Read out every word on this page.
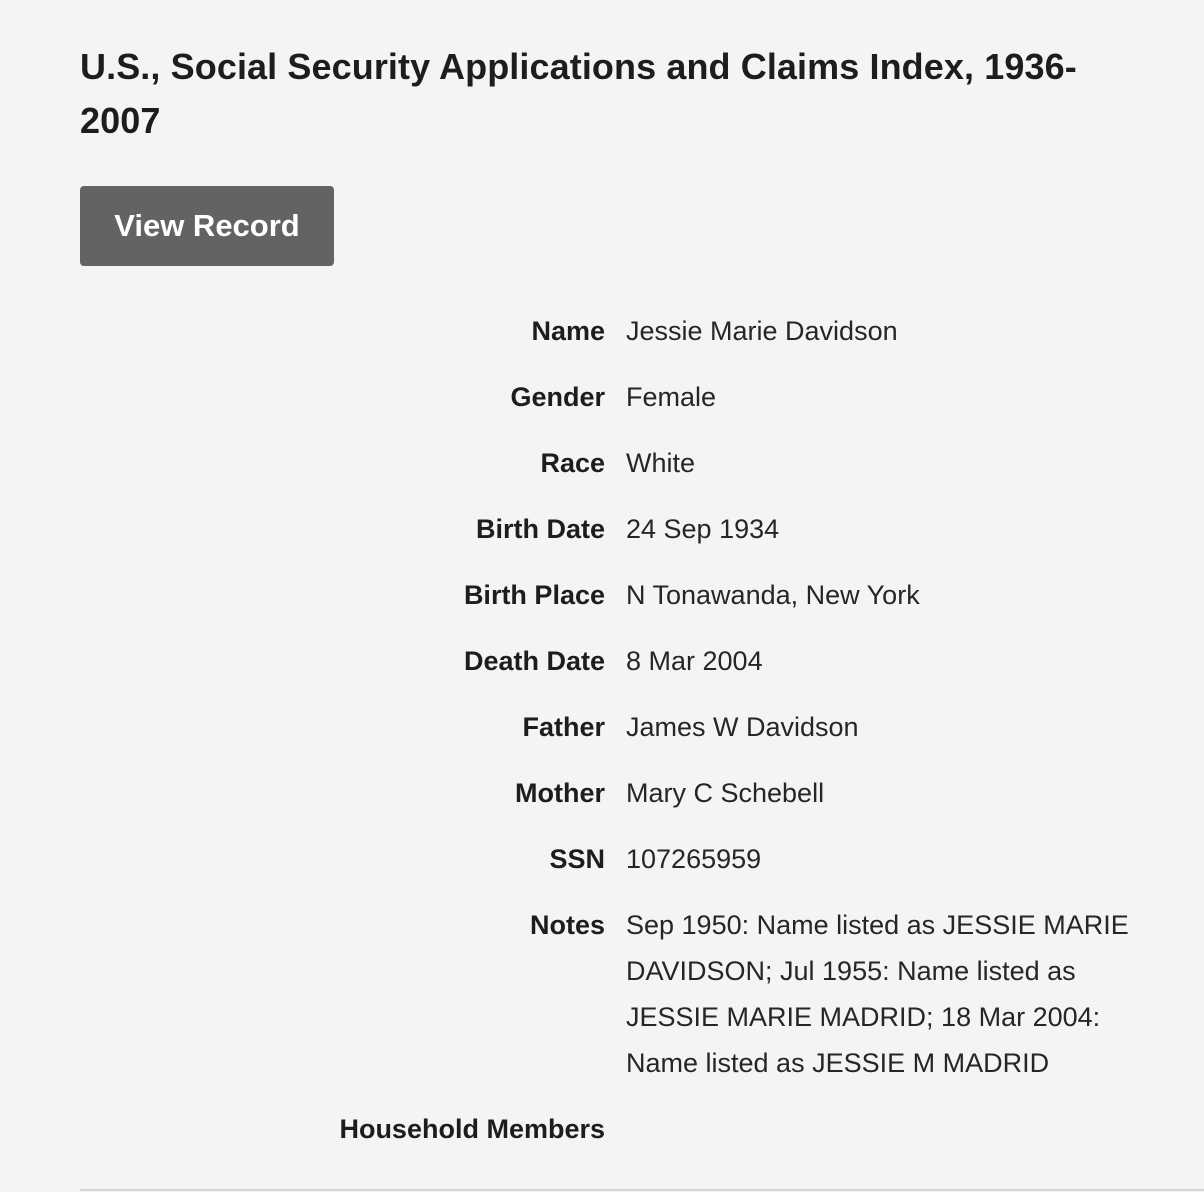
U.S., Social Security Applications and Claims Index, 1936-2007
View Record
Name Jessie Marie Davidson
Gender Female
Race White
Birth Date 24 Sep 1934
Birth Place N Tonawanda, New York
Death Date 8 Mar 2004
Father James W Davidson
Mother Mary C Schebell
SSN 107265959
Notes Sep 1950: Name listed as JESSIE MARIE DAVIDSON; Jul 1955: Name listed as JESSIE MARIE MADRID; 18 Mar 2004: Name listed as JESSIE M MADRID
Household Members
